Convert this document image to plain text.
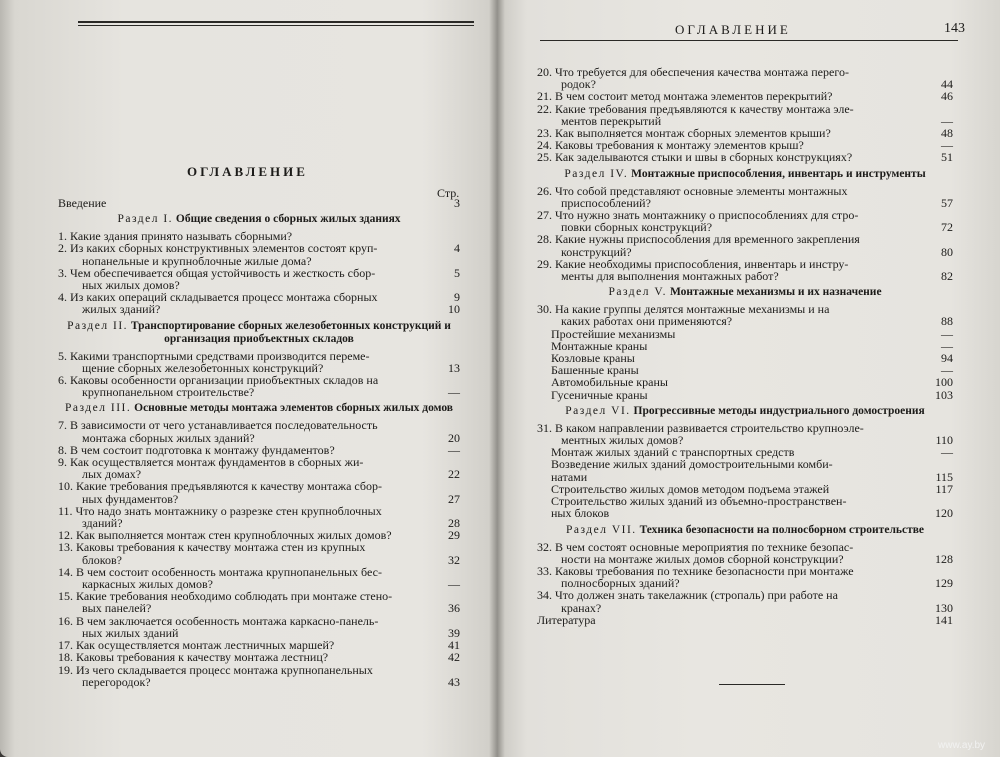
ОГЛАВЛЕНИЕ
Стр.
Введение	3
Раздел I. Общие сведения о сборных жилых зданиях
1. Какие здания принято называть сборными?
2. Из каких сборных конструктивных элементов состоят круп-	4
нопанельные и крупноблочные жилые дома?
3. Чем обеспечивается общая устойчивость и жесткость сбор-	5
ных жилых домов?
4. Из каких операций складывается процесс монтажа сборных	9
жилых зданий?	10
Раздел II. Транспортирование сборных железобетонных конструкций и организация приобъектных складов
5. Какими транспортными средствами производится переме-
щение сборных железобетонных конструкций?	13
6. Каковы особенности организации приобъектных складов на
крупнопанельном строительстве?	—
Раздел III. Основные методы монтажа элементов сборных жилых домов
7. В зависимости от чего устанавливается последовательность
монтажа сборных жилых зданий?	20
8. В чем состоит подготовка к монтажу фундаментов?	—
9. Как осуществляется монтаж фундаментов в сборных жи-
лых домах?	22
10. Какие требования предъявляются к качеству монтажа сбор-
ных фундаментов?	27
11. Что надо знать монтажнику о разрезке стен крупноблочных
зданий?	28
12. Как выполняется монтаж стен крупноблочных жилых домов?	29
13. Каковы требования к качеству монтажа стен из крупных
блоков?	32
14. В чем состоит особенность монтажа крупнопанельных бес-
каркасных жилых домов?	—
15. Какие требования необходимо соблюдать при монтаже стено-
вых панелей?	36
16. В чем заключается особенность монтажа каркасно-панель-
ных жилых зданий	39
17. Как осуществляется монтаж лестничных маршей?	41
18. Каковы требования к качеству монтажа лестниц?	42
19. Из чего складывается процесс монтажа крупнопанельных
перегородок?	43
ОГЛАВЛЕНИЕ	143
20. Что требуется для обеспечения качества монтажа перего-
родок?	44
21. В чем состоит метод монтажа элементов перекрытий?	46
22. Какие требования предъявляются к качеству монтажа эле-
ментов перекрытий	—
23. Как выполняется монтаж сборных элементов крыши?	48
24. Каковы требования к монтажу элементов крыш?	—
25. Как заделываются стыки и швы в сборных конструкциях?	51
Раздел IV. Монтажные приспособления, инвентарь и инструменты
26. Что собой представляют основные элементы монтажных
приспособлений?	57
27. Что нужно знать монтажнику о приспособлениях для стро-
повки сборных конструкций?	72
28. Какие нужны приспособления для временного закрепления
конструкций?	80
29. Какие необходимы приспособления, инвентарь и инстру-
менты для выполнения монтажных работ?	82
Раздел V. Монтажные механизмы и их назначение
30. На какие группы делятся монтажные механизмы и на
каких работах они применяются?	88
Простейшие механизмы	—
Монтажные краны	—
Козловые краны	94
Башенные краны	—
Автомобильные краны	100
Гусеничные краны	103
Раздел VI. Прогрессивные методы индустриального домостроения
31. В каком направлении развивается строительство крупноэле-
ментных жилых домов?	110
Монтаж жилых зданий с транспортных средств	—
Возведение жилых зданий домостроительными комби-
натами	115
Строительство жилых домов методом подъема этажей	117
Строительство жилых зданий из объемно-пространствен-
ных блоков	120
Раздел VII. Техника безопасности на полносборном строительстве
32. В чем состоят основные мероприятия по технике безопас-
ности на монтаже жилых домов сборной конструкции?	128
33. Каковы требования по технике безопасности при монтаже
полносборных зданий?	129
34. Что должен знать такелажник (стропаль) при работе на
кранах?	130
Литература	141
www.ay.by
